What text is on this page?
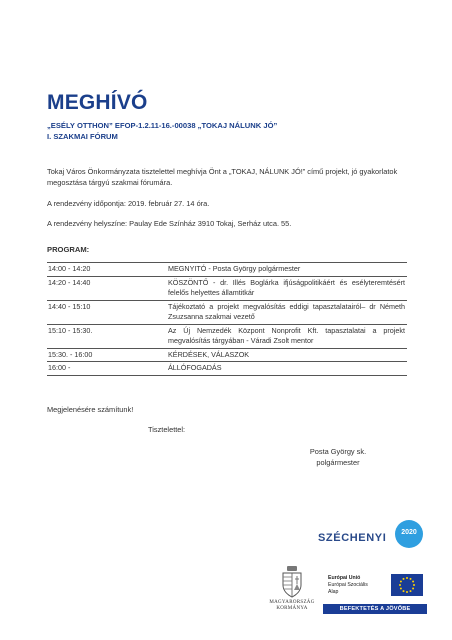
MEGHÍVÓ
„ESÉLY OTTHON” EFOP-1.2.11-16.-00038 „TOKAJ NÁLUNK JÓ”
I. SZAKMAI FÓRUM
Tokaj Város Önkormányzata tisztelettel meghívja Önt a „TOKAJ, NÁLUNK JÓ!” című projekt, jó gyakorlatok megosztása tárgyú szakmai fórumára.
A rendezvény időpontja: 2019. február 27. 14 óra.
A rendezvény helyszíne: Paulay Ede Színház 3910 Tokaj, Serház utca. 55.
PROGRAM:
14:00 - 14:20	MEGNYITÓ - Posta György polgármester
14:20 - 14:40	KÖSZÖNTŐ - dr. Illés Boglárka ifjúságpolitikáért és esélyteremtésért felelős helyettes államtitkár
14:40 - 15:10	Tájékoztató a projekt megvalósítás eddigi tapasztalatairól– dr Németh Zsuzsanna szakmai vezető
15:10 - 15:30.	Az Új Nemzedék Központ Nonprofit Kft. tapasztalatai a projekt megvalósítás tárgyában - Váradi Zsolt mentor
15:30. - 16:00	KÉRDÉSEK, VÁLASZOK
16:00 -	ÁLLÓFOGADÁS
Megjelenésére számítunk!
Tisztelettel:
Posta György sk.
polgármester
SZÉCHENYI	2020
MAGYARORSZÁG
KORMÁNYA
Európai Unió
Európai Szociális
Alap
BEFEKTETÉS A JÖVŐBE
